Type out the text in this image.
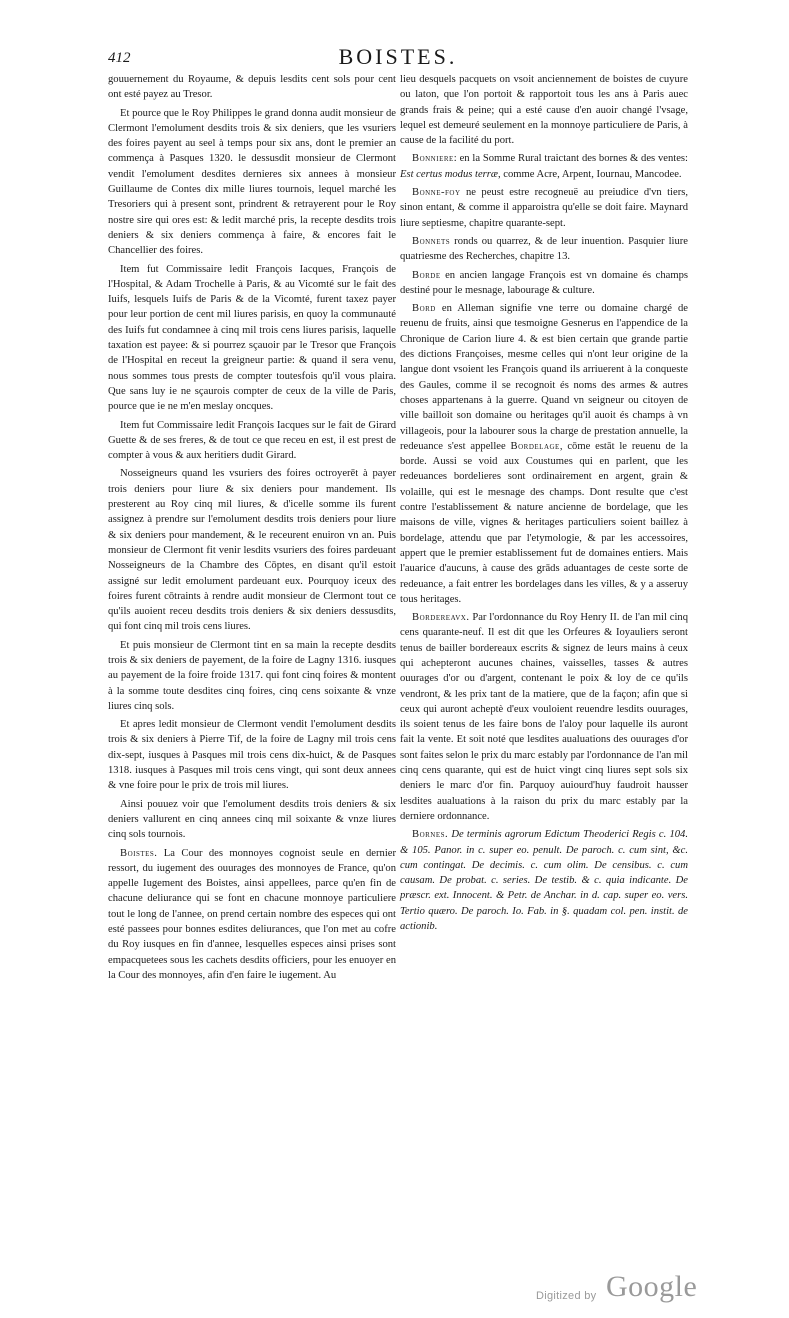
412	BOISTES.

gouuernement du Royaume, & depuis lesdits cent sols pour cent ont esté payez au Tresor.

Et pource que le Roy Philippes le grand donna audit monsieur de Clermont l'emolument desdits trois & six deniers, que les vsuriers des foires payent au seel à temps pour six ans, dont le premier an commença à Pasques 1320. le dessusdit monsieur de Clermont vendit l'emolument desdites dernieres six annees à monsieur Guillaume de Contes dix mille liures tournois, lequel marché les Tresoriers qui à present sont, prindrent & retrayerent pour le Roy nostre sire qui ores est: & ledit marché pris, la recepte desdits trois deniers & six deniers commença à faire, & encores fait le Chancellier des foires.

Item fut Commissaire ledit François Iacques, François de l'Hospital, & Adam Trochelle à Paris, & au Vicomté sur le fait des Iuifs, lesquels Iuifs de Paris & de la Vicomté, furent taxez payer pour leur portion de cent mil liures parisis, en quoy la communauté des Iuifs fut condamnee à cinq mil trois cens liures parisis, laquelle taxation est payee: & si pourrez sçauoir par le Tresor que François de l'Hospital en receut la greigneur partie: & quand il sera venu, nous sommes tous prests de compter toutesfois qu'il vous plaira. Que sans luy ie ne sçaurois compter de ceux de la ville de Paris, pource que ie ne m'en meslay oncques.

Item fut Commissaire ledit François Iacques sur le fait de Girard Guette & de ses freres, & de tout ce que receu en est, il est prest de compter à vous & aux heritiers dudit Girard.

Nosseigneurs quand les vsuriers des foires octroyerēt à payer trois deniers pour liure & six deniers pour mandement. Ils presterent au Roy cinq mil liures, & d'icelle somme ils furent assignez à prendre sur l'emolument desdits trois deniers pour liure & six deniers pour mandement, & le receurent enuiron vn an. Puis monsieur de Clermont fit venir lesdits vsuriers des foires pardeuant Nosseigneurs de la Chambre des Cōptes, en disant qu'il estoit assigné sur ledit emolument pardeuant eux. Pourquoy iceux des foires furent cōtraints à rendre audit monsieur de Clermont tout ce qu'ils auoient receu desdits trois deniers & six deniers dessusdits, qui font cinq mil trois cens liures.

Et puis monsieur de Clermont tint en sa main la recepte desdits trois & six deniers de payement, de la foire de Lagny 1316. iusques au payement de la foire froide 1317. qui font cinq foires & montent à la somme toute desdites cinq foires, cinq cens soixante & vnze liures cinq sols.

Et apres ledit monsieur de Clermont vendit l'emolument desdits trois & six deniers à Pierre Tif, de la foire de Lagny mil trois cens dix-sept, iusques à Pasques mil trois cens dix-huict, & de Pasques 1318. iusques à Pasques mil trois cens vingt, qui sont deux annees & vne foire pour le prix de trois mil liures.

Ainsi pouuez voir que l'emolument desdits trois deniers & six deniers vallurent en cinq annees cinq mil soixante & vnze liures cinq sols tournois.

Boistes. La Cour des monnoyes cognoist seule en dernier ressort, du iugement des ouurages des monnoyes de France, qu'on appelle Iugement des Boistes, ainsi appellees, parce qu'en fin de chacune deliurance qui se font en chacune monnoye particuliere tout le long de l'annee, on prend certain nombre des especes qui ont esté passees pour bonnes esdites deliurances, que l'on met au cofre du Roy iusques en fin d'annee, lesquelles especes ainsi prises sont empacquetees sous les cachets desdits officiers, pour les enuoyer en la Cour des monnoyes, afin d'en faire le iugement. Au

lieu desquels pacquets on vsoit anciennement de boistes de cuyure ou laton, que l'on portoit & rapportoit tous les ans à Paris auec grands frais & peine; qui a esté cause d'en auoir changé l'vsage, lequel est demeuré seulement en la monnoye particuliere de Paris, à cause de la facilité du port.

Bonniere: en la Somme Rural traictant des bornes & des ventes: Est certus modus terræ, comme Acre, Arpent, Iournau, Mancodee.

Bonne-foy ne peust estre recogneuë au preiudice d'vn tiers, sinon entant, & comme il apparoistra qu'elle se doit faire. Maynard liure septiesme, chapitre quarante-sept.

Bonnets ronds ou quarrez, & de leur inuention. Pasquier liure quatriesme des Recherches, chapitre 13.

Borde en ancien langage François est vn domaine és champs destiné pour le mesnage, labourage & culture.

Bord en Alleman signifie vne terre ou domaine chargé de reuenu de fruits, ainsi que tesmoigne Gesnerus en l'appendice de la Chronique de Carion liure 4. & est bien certain que grande partie des dictions Françoises, mesme celles qui n'ont leur origine de la langue dont vsoient les François quand ils arriuerent à la conqueste des Gaules, comme il se recognoit és noms des armes & autres choses appartenans à la guerre. Quand vn seigneur ou citoyen de ville bailloit son domaine ou heritages qu'il auoit és champs à vn villageois, pour la labourer sous la charge de prestation annuelle, la redeuance s'est appellee Bordelage, cōme estāt le reuenu de la borde. Aussi se void aux Coustumes qui en parlent, que les redeuances bordelieres sont ordinairement en argent, grain & volaille, qui est le mesnage des champs. Dont resulte que c'est contre l'establissement & nature ancienne de bordelage, que les maisons de ville, vignes & heritages particuliers soient baillez à bordelage, attendu que par l'etymologie, & par les accessoires, appert que le premier establissement fut de domaines entiers. Mais l'auarice d'aucuns, à cause des grāds aduantages de ceste sorte de redeuance, a fait entrer les bordelages dans les villes, & y a asseruy tous heritages.

Bordereavx. Par l'ordonnance du Roy Henry II. de l'an mil cinq cens quarante-neuf. Il est dit que les Orfeures & Ioyauliers seront tenus de bailler bordereaux escrits & signez de leurs mains à ceux qui achepteront aucunes chaines, vaisselles, tasses & autres ouurages d'or ou d'argent, contenant le poix & loy de ce qu'ils vendront, & les prix tant de la matiere, que de la façon; afin que si ceux qui auront acheptè d'eux vouloient reuendre lesdits ouurages, ils soient tenus de les faire bons de l'aloy pour laquelle ils auront fait la vente. Et soit noté que lesdites aualuations des ouurages d'or sont faites selon le prix du marc estably par l'ordonnance de l'an mil cinq cens quarante, qui est de huict vingt cinq liures sept sols six deniers le marc d'or fin. Parquoy auiourd'huy faudroit hausser lesdites aualuations à la raison du prix du marc estably par la derniere ordonnance.

Bornes. De terminis agrorum Edictum Theoderici Regis c. 104. & 105. Panor. in c. super eo. penult. De paroch. c. cum sint, &c. cum contingat. De decimis. c. cum olim. De censibus. c. cum causam. De probat. c. series. De testib. & c. quia indicante. De præscr. ext. Innocent. & Petr. de Anchar. in d. cap. super eo. vers. Tertio quæro. De paroch. Io. Fab. in §. quadam col. pen. instit. de actionib.

Digitized by Google
